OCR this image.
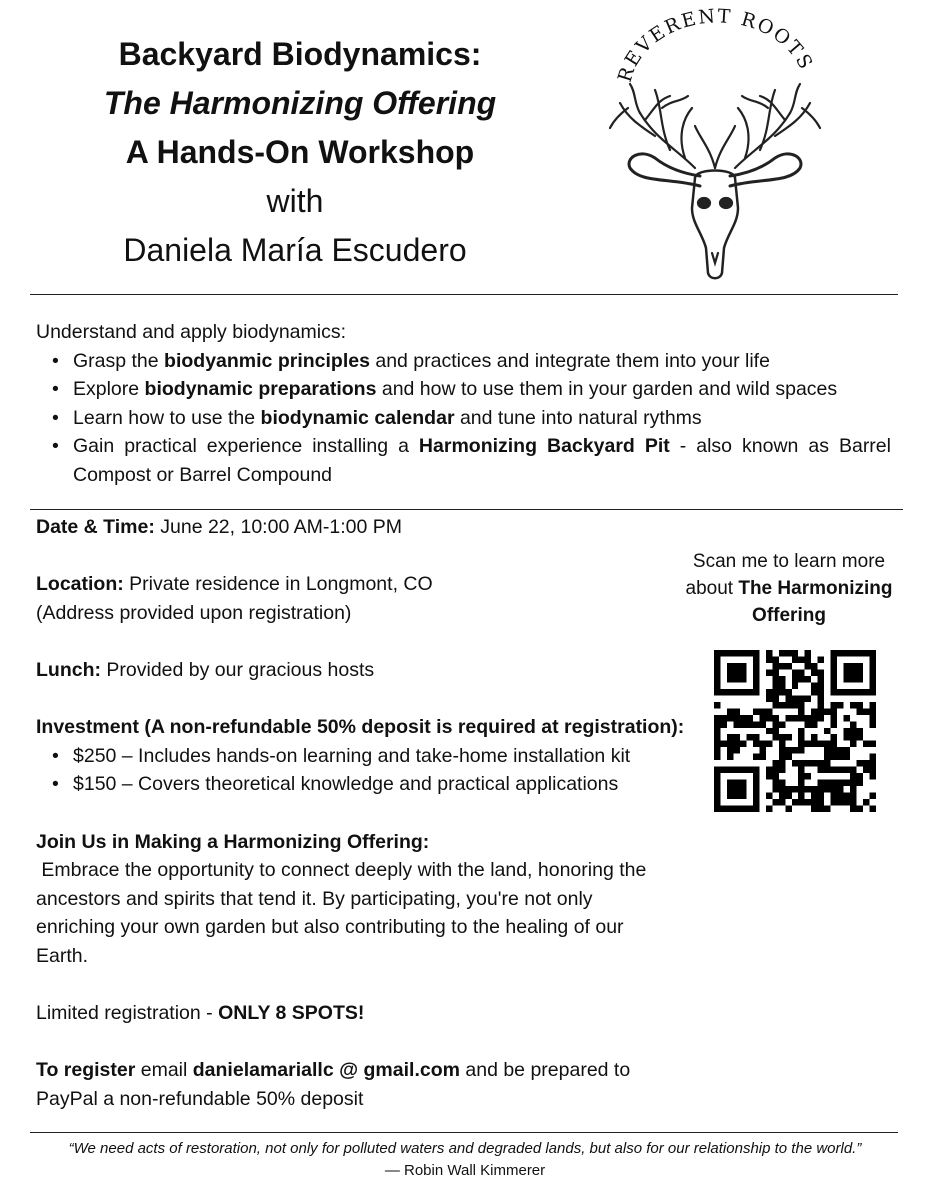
Backyard Biodynamics:
The Harmonizing Offering
A Hands-On Workshop
with
Daniela María Escudero
REVERENT ROOTS
Understand and apply biodynamics:
• Grasp the biodyanmic principles and practices and integrate them into your life
• Explore biodynamic preparations and how to use them in your garden and wild spaces
• Learn how to use the biodynamic calendar and tune into natural rythms
• Gain practical experience installing a Harmonizing Backyard Pit - also known as Barrel Compost or Barrel Compound
Date & Time: June 22, 10:00 AM-1:00 PM
Location: Private residence in Longmont, CO
(Address provided upon registration)
Lunch: Provided by our gracious hosts
Investment (A non-refundable 50% deposit is required at registration):
• $250 – Includes hands-on learning and take-home installation kit
• $150 – Covers theoretical knowledge and practical applications
Join Us in Making a Harmonizing Offering:
Embrace the opportunity to connect deeply with the land, honoring the ancestors and spirits that tend it. By participating, you're not only enriching your own garden but also contributing to the healing of our Earth.
Limited registration - ONLY 8 SPOTS!
To register email danielamariallc @ gmail.com and be prepared to PayPal a non-refundable 50% deposit
Scan me to learn more
about The Harmonizing
Offering
“We need acts of restoration, not only for polluted waters and degraded lands, but also for our relationship to the world.”
— Robin Wall Kimmerer
